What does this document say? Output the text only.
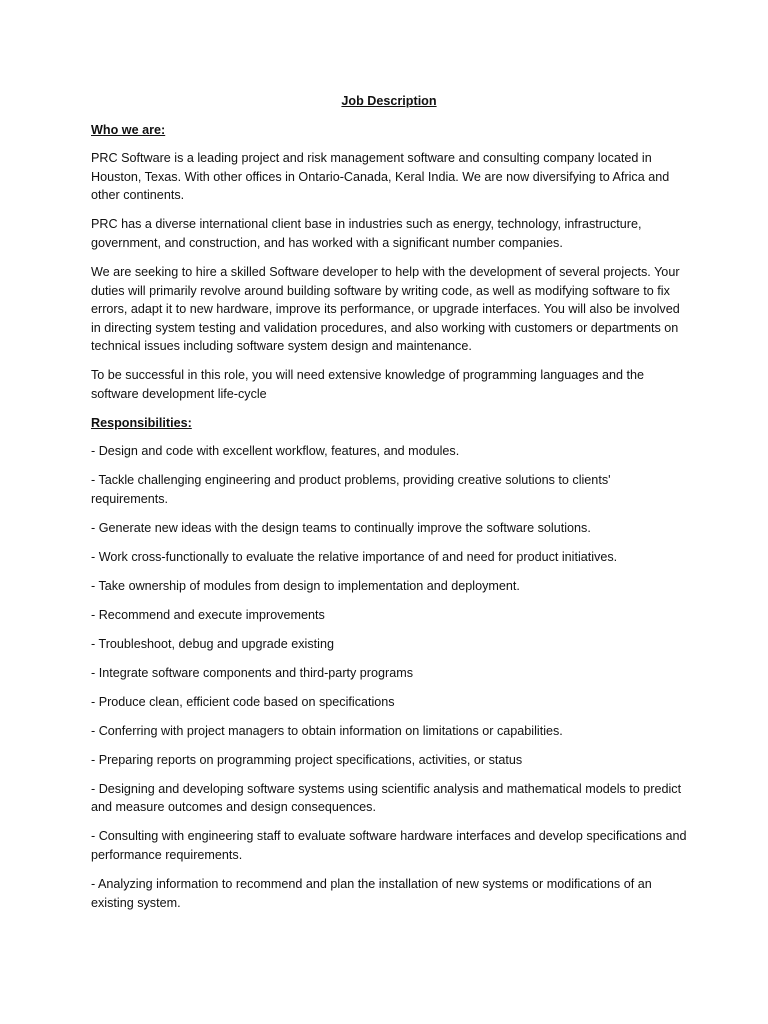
Job Description
Who we are:

PRC Software is a leading project and risk management software and consulting company located in Houston, Texas. With other offices in Ontario-Canada, Keral India. We are now diversifying to Africa and other continents.

PRC has a diverse international client base in industries such as energy, technology, infrastructure, government, and construction, and has worked with a significant number companies.

We are seeking to hire a skilled Software developer to help with the development of several projects. Your duties will primarily revolve around building software by writing code, as well as modifying software to fix errors, adapt it to new hardware, improve its performance, or upgrade interfaces. You will also be involved in directing system testing and validation procedures, and also working with customers or departments on technical issues including software system design and maintenance.

To be successful in this role, you will need extensive knowledge of programming languages and the software development life-cycle

Responsibilities:
- Design and code with excellent workflow, features, and modules.
- Tackle challenging engineering and product problems, providing creative solutions to clients' requirements.
- Generate new ideas with the design teams to continually improve the software solutions.
- Work cross-functionally to evaluate the relative importance of and need for product initiatives.
- Take ownership of modules from design to implementation and deployment.
- Recommend and execute improvements
- Troubleshoot, debug and upgrade existing
- Integrate software components and third-party programs
- Produce clean, efficient code based on specifications
- Conferring with project managers to obtain information on limitations or capabilities.
- Preparing reports on programming project specifications, activities, or status
- Designing and developing software systems using scientific analysis and mathematical models to predict and measure outcomes and design consequences.
- Consulting with engineering staff to evaluate software hardware interfaces and develop specifications and performance requirements.
- Analyzing information to recommend and plan the installation of new systems or modifications of an existing system.
